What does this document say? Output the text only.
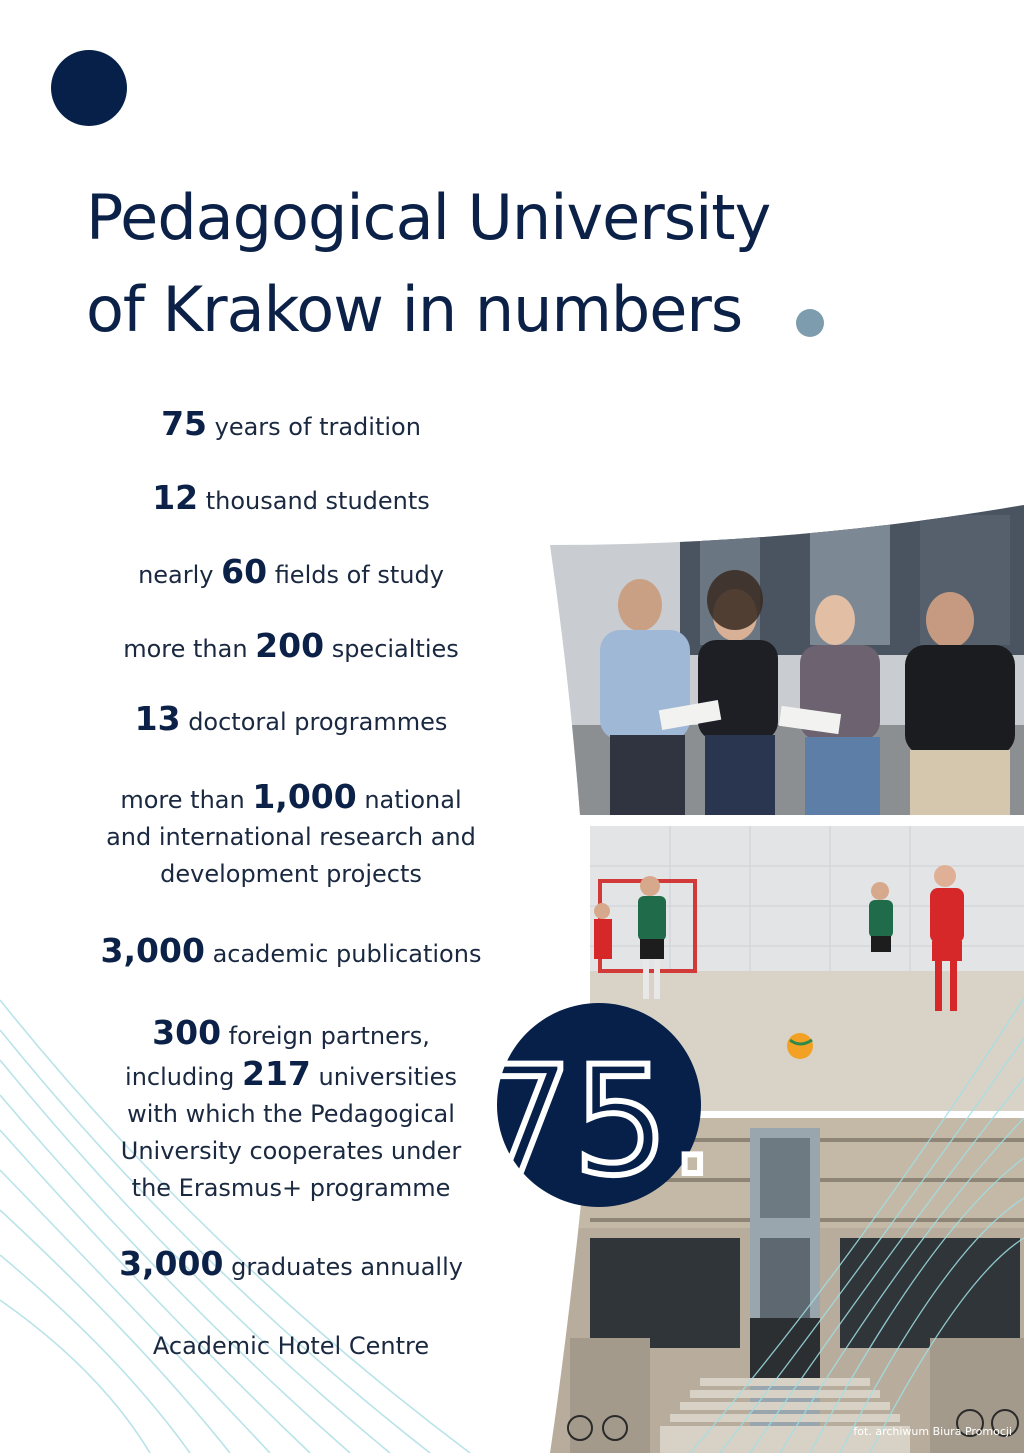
Pedagogical University
of Krakow in numbers
75 years of tradition
12 thousand students
nearly 60 fields of study
more than 200 specialties
13 doctoral programmes
more than 1,000 national
and international research and
development projects
3,000 academic publications
300 foreign partners,
including 217 universities
with which the Pedagogical
University cooperates under
the Erasmus+ programme
3,000 graduates annually
Academic Hotel Centre
75.
fot. archiwum Biura Promocji
